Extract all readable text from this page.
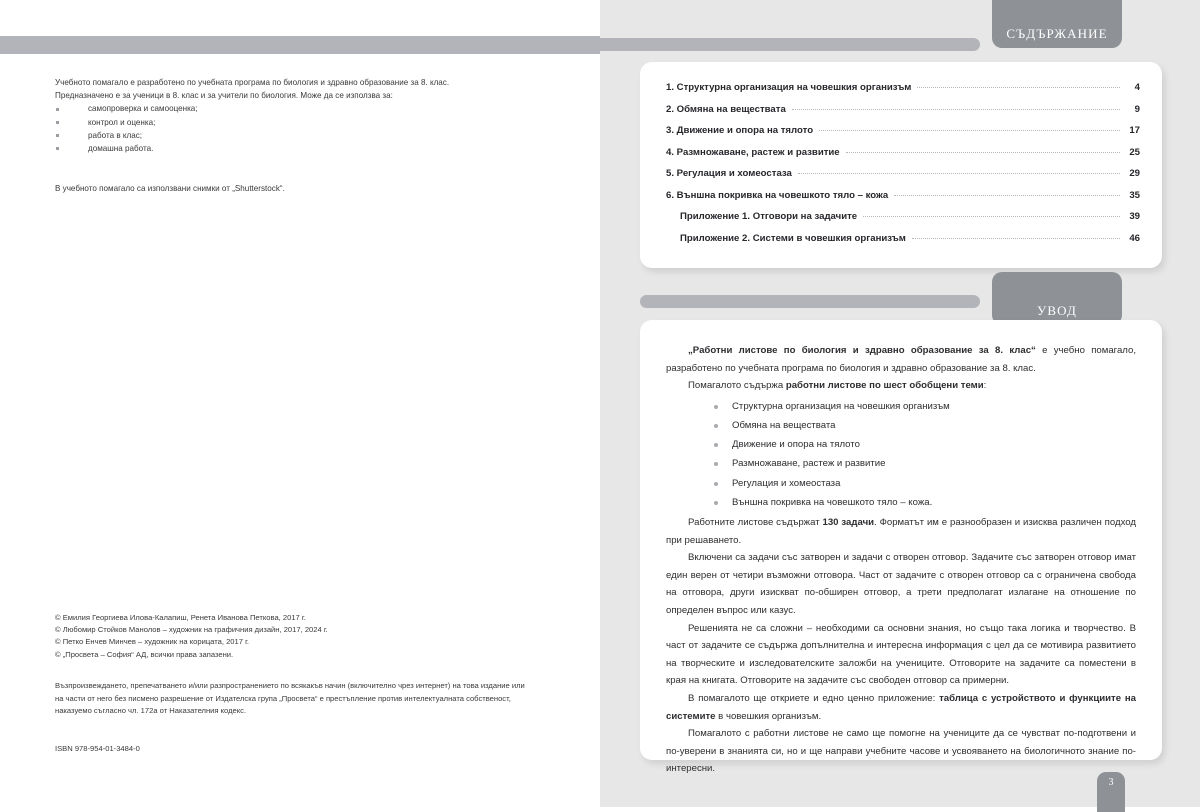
Учебното помагало е разработено по учебната програма по биология и здравно образование за 8. клас.

Предназначено е за ученици в 8. клас и за учители по биология. Може да се използва за:

самопроверка и самооценка;
контрол и оценка;
работа в клас;
домашна работа.
В учебното помагало са използвани снимки от „Shutterstock“.
© Емилия Георгиева Илова-Калапиш, Ренета Иванова Петкова, 2017 г.
© Любомир Стойков Манолов – художник на графичния дизайн, 2017, 2024 г.
© Петко Енчев Минчев – художник на корицата, 2017 г.
© „Просвета – София“ АД, всички права запазени.
Възпроизвеждането, препечатването и/или разпространението по всякакъв начин (включително чрез интернет) на това издание или на части от него без писмено разрешение от Издателска група „Просвета“ е престъпление против интелектуалната собственост, наказуемо съгласно чл. 172а от Наказателния кодекс.
ISBN 978-954-01-3484-0
СЪДЪРЖАНИЕ
1. Структурна организация на човешкия организъм	4
2. Обмяна на веществата	9
3. Движение и опора на тялото	17
4. Размножаване, растеж и развитие	25
5. Регулация и хомеостаза	29
6. Външна покривка на човешкото тяло – кожа	35
Приложение 1. Отговори на задачите	39
Приложение 2. Системи в човешкия организъм	46
УВОД

„Работни листове по биология и здравно образование за 8. клас“ е учебно помагало, разработено по учебната програма по биология и здравно образование за 8. клас.

Помагалото съдържа работни листове по шест обобщени теми:

Структурна организация на човешкия организъм
Обмяна на веществата
Движение и опора на тялото
Размножаване, растеж и развитие
Регулация и хомеостаза
Външна покривка на човешкото тяло – кожа.

Работните листове съдържат 130 задачи. Форматът им е разнообразен и изисква различен подход при решаването.

Включени са задачи със затворен и задачи с отворен отговор. Задачите със затворен отговор имат един верен от четири възможни отговора. Част от задачите с отворен отговор са с ограничена свобода на отговора, други изискват по-обширен отговор, а трети предполагат излагане на отношение по определен въпрос или казус.

Решенията не са сложни – необходими са основни знания, но също така логика и творчество. В част от задачите се съдържа допълнителна и интересна информация с цел да се мотивира развитието на творческите и изследователските заложби на учениците. Отговорите на задачите са поместени в края на книгата. Отговорите на задачите със свободен отговор са примерни.

В помагалото ще откриете и едно ценно приложение: таблица с устройството и функциите на системите в човешкия организъм.

Помагалото с работни листове не само ще помогне на учениците да се чувстват по-подготвени и по-уверени в знанията си, но и ще направи учебните часове и усвояването на биологичното знание по-интересни.

3
